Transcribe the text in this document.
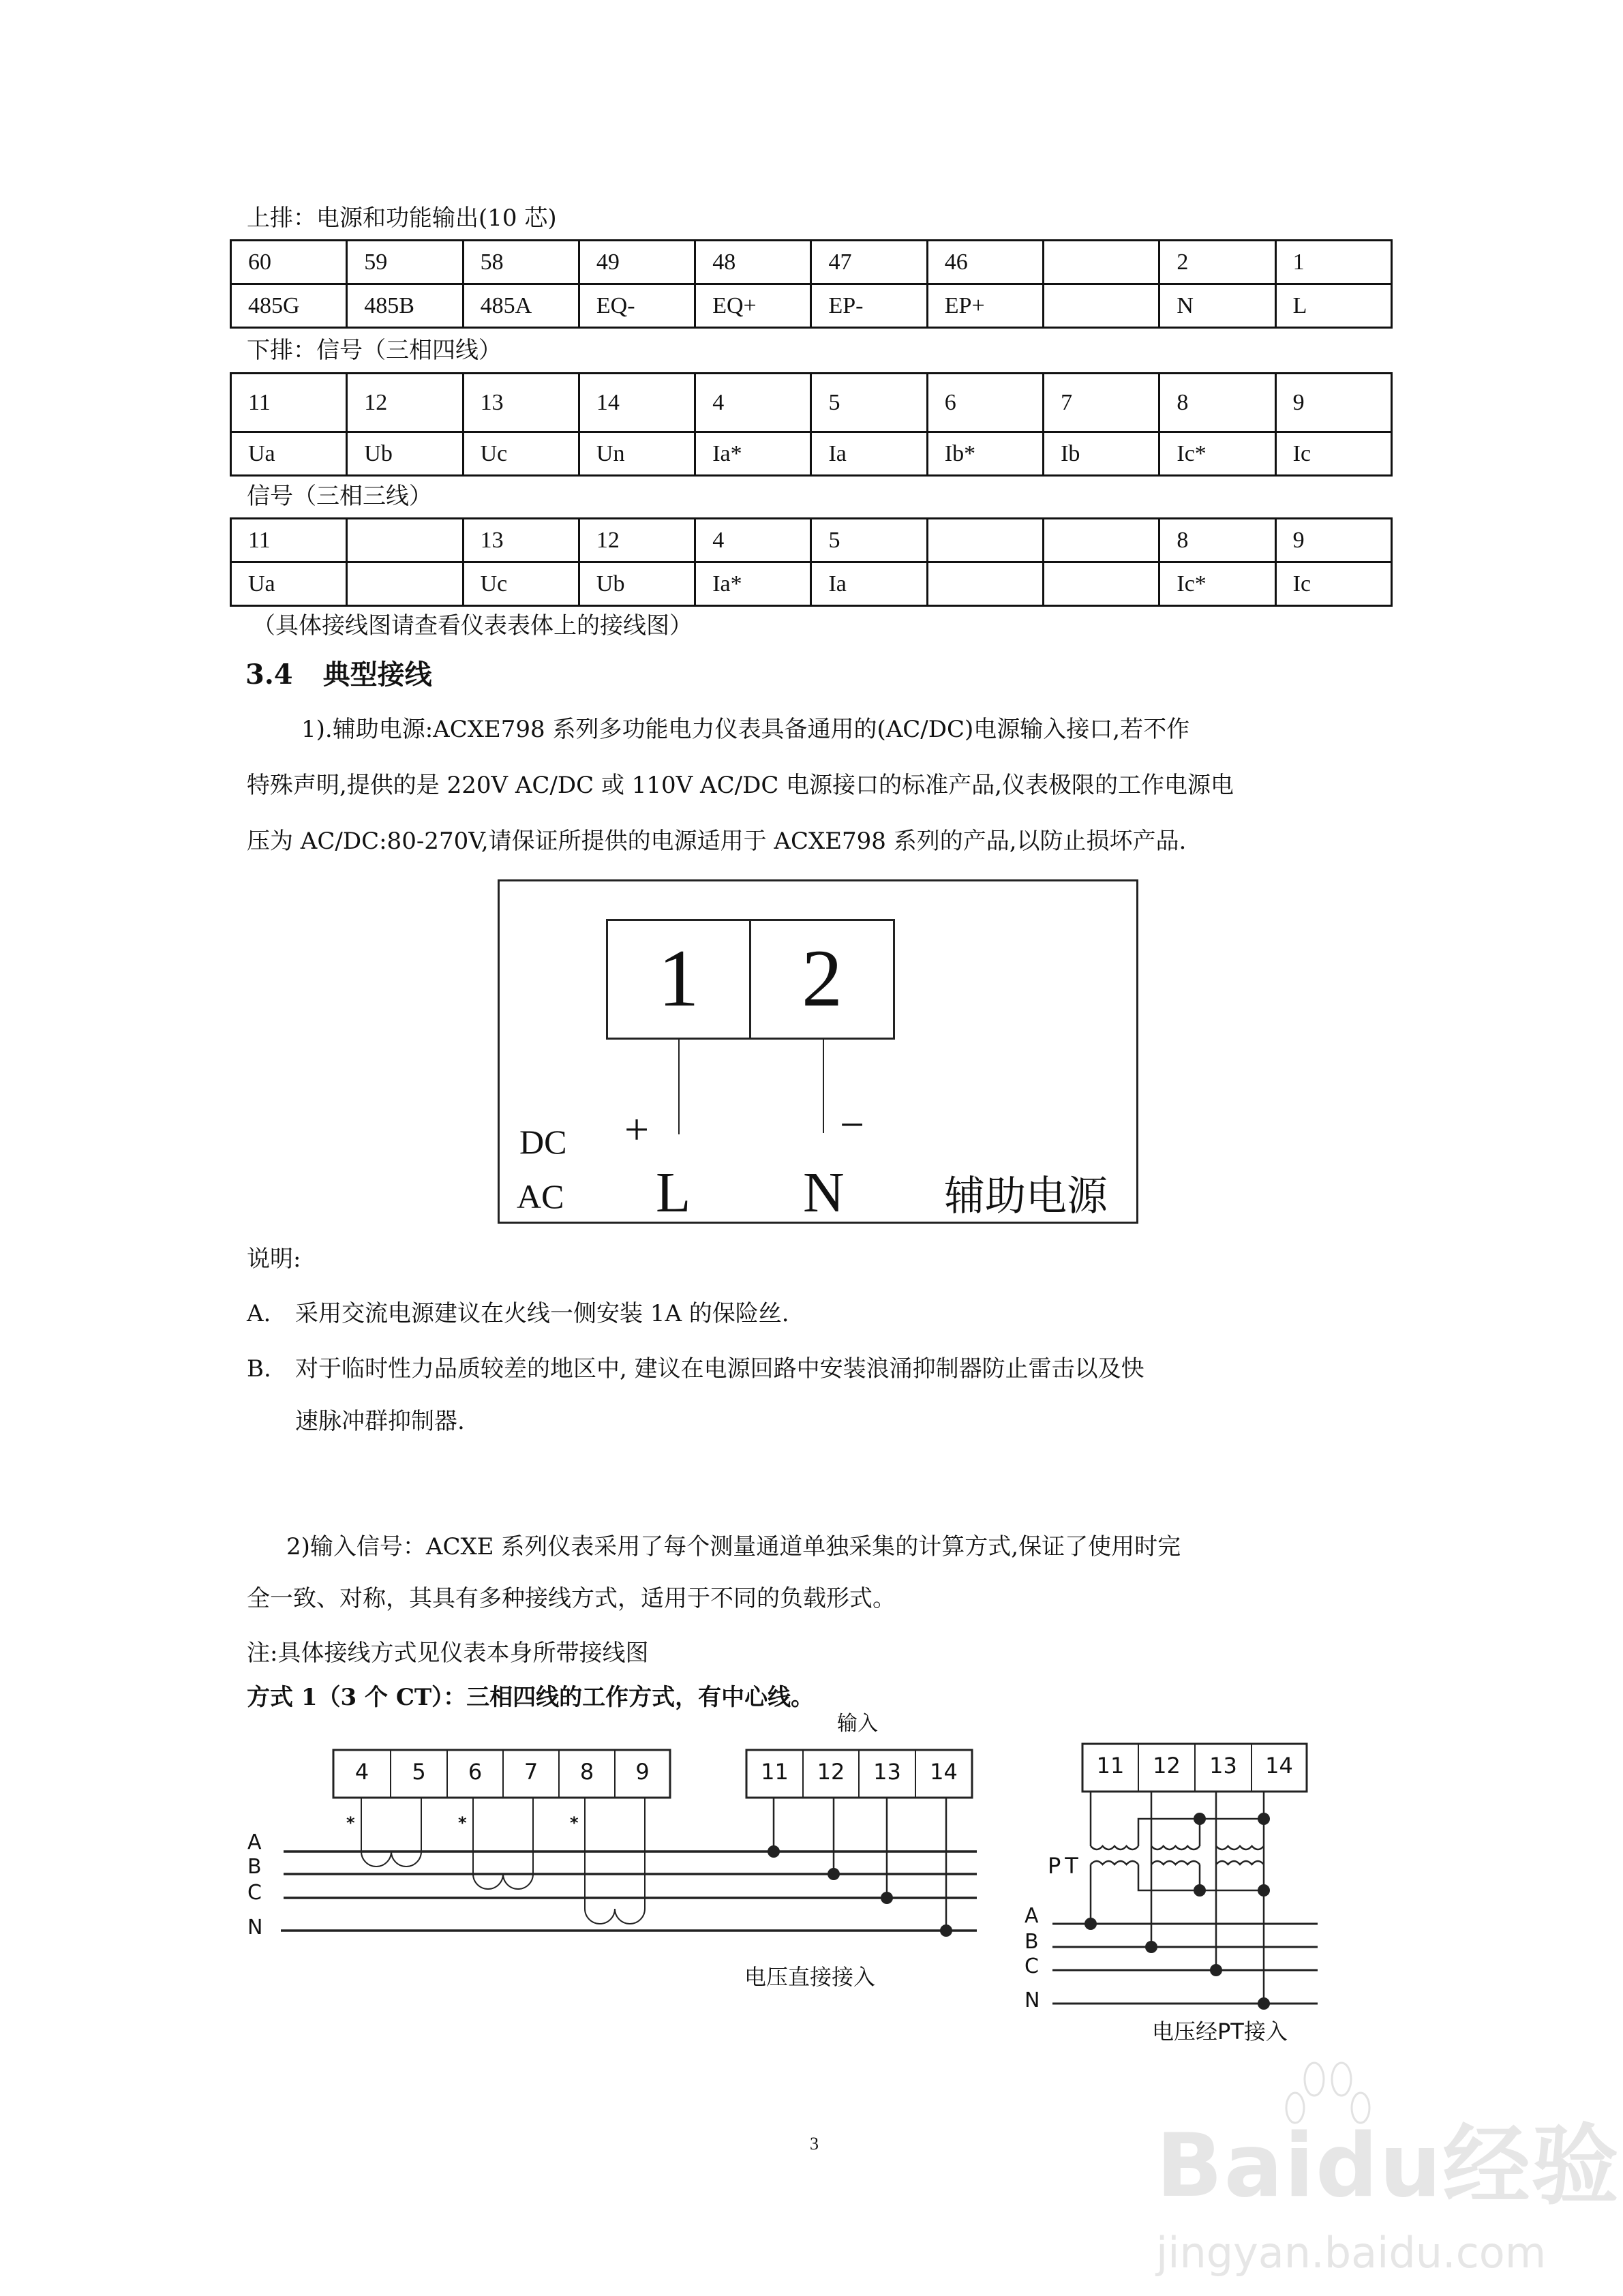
上排：电源和功能输出(10 芯)
60	59	58	49	48	47	46		2	1
485G	485B	485A	EQ-	EQ+	EP-	EP+		N	L
下排：信号（三相四线）
11	12	13	14	4	5	6	7	8	9
Ua	Ub	Uc	Un	Ia*	Ia	Ib*	Ib	Ic*	Ic
信号（三相三线）
11		13	12	4	5			8	9
Ua		Uc	Ub	Ia*	Ia			Ic*	Ic
（具体接线图请查看仪表表体上的接线图）
3.4 典型接线
1).辅助电源:ACXE798 系列多功能电力仪表具备通用的(AC/DC)电源输入接口,若不作
特殊声明,提供的是 220V AC/DC 或 110V AC/DC 电源接口的标准产品,仪表极限的工作电源电
压为 AC/DC:80-270V,请保证所提供的电源适用于 ACXE798 系列的产品,以防止损坏产品.
1	2
DC +	−
AC L N 辅助电源
说明:
A. 采用交流电源建议在火线一侧安装 1A 的保险丝.
B. 对于临时性力品质较差的地区中, 建议在电源回路中安装浪涌抑制器防止雷击以及快
速脉冲群抑制器.
2)输入信号：ACXE 系列仪表采用了每个测量通道单独采集的计算方式,保证了使用时完
全一致、对称，其具有多种接线方式，适用于不同的负载形式。
注:具体接线方式见仪表本身所带接线图
方式 1（3 个 CT）：三相四线的工作方式，有中心线。
输入
4	5	6	7	8	9	11	12	13	14
*	*	*
A
B
C
N
电压直接接入
11	12	13	14
PT
A
B
C
N
电压经PT接入
3	Baidu经验
jingyan.baidu.com
